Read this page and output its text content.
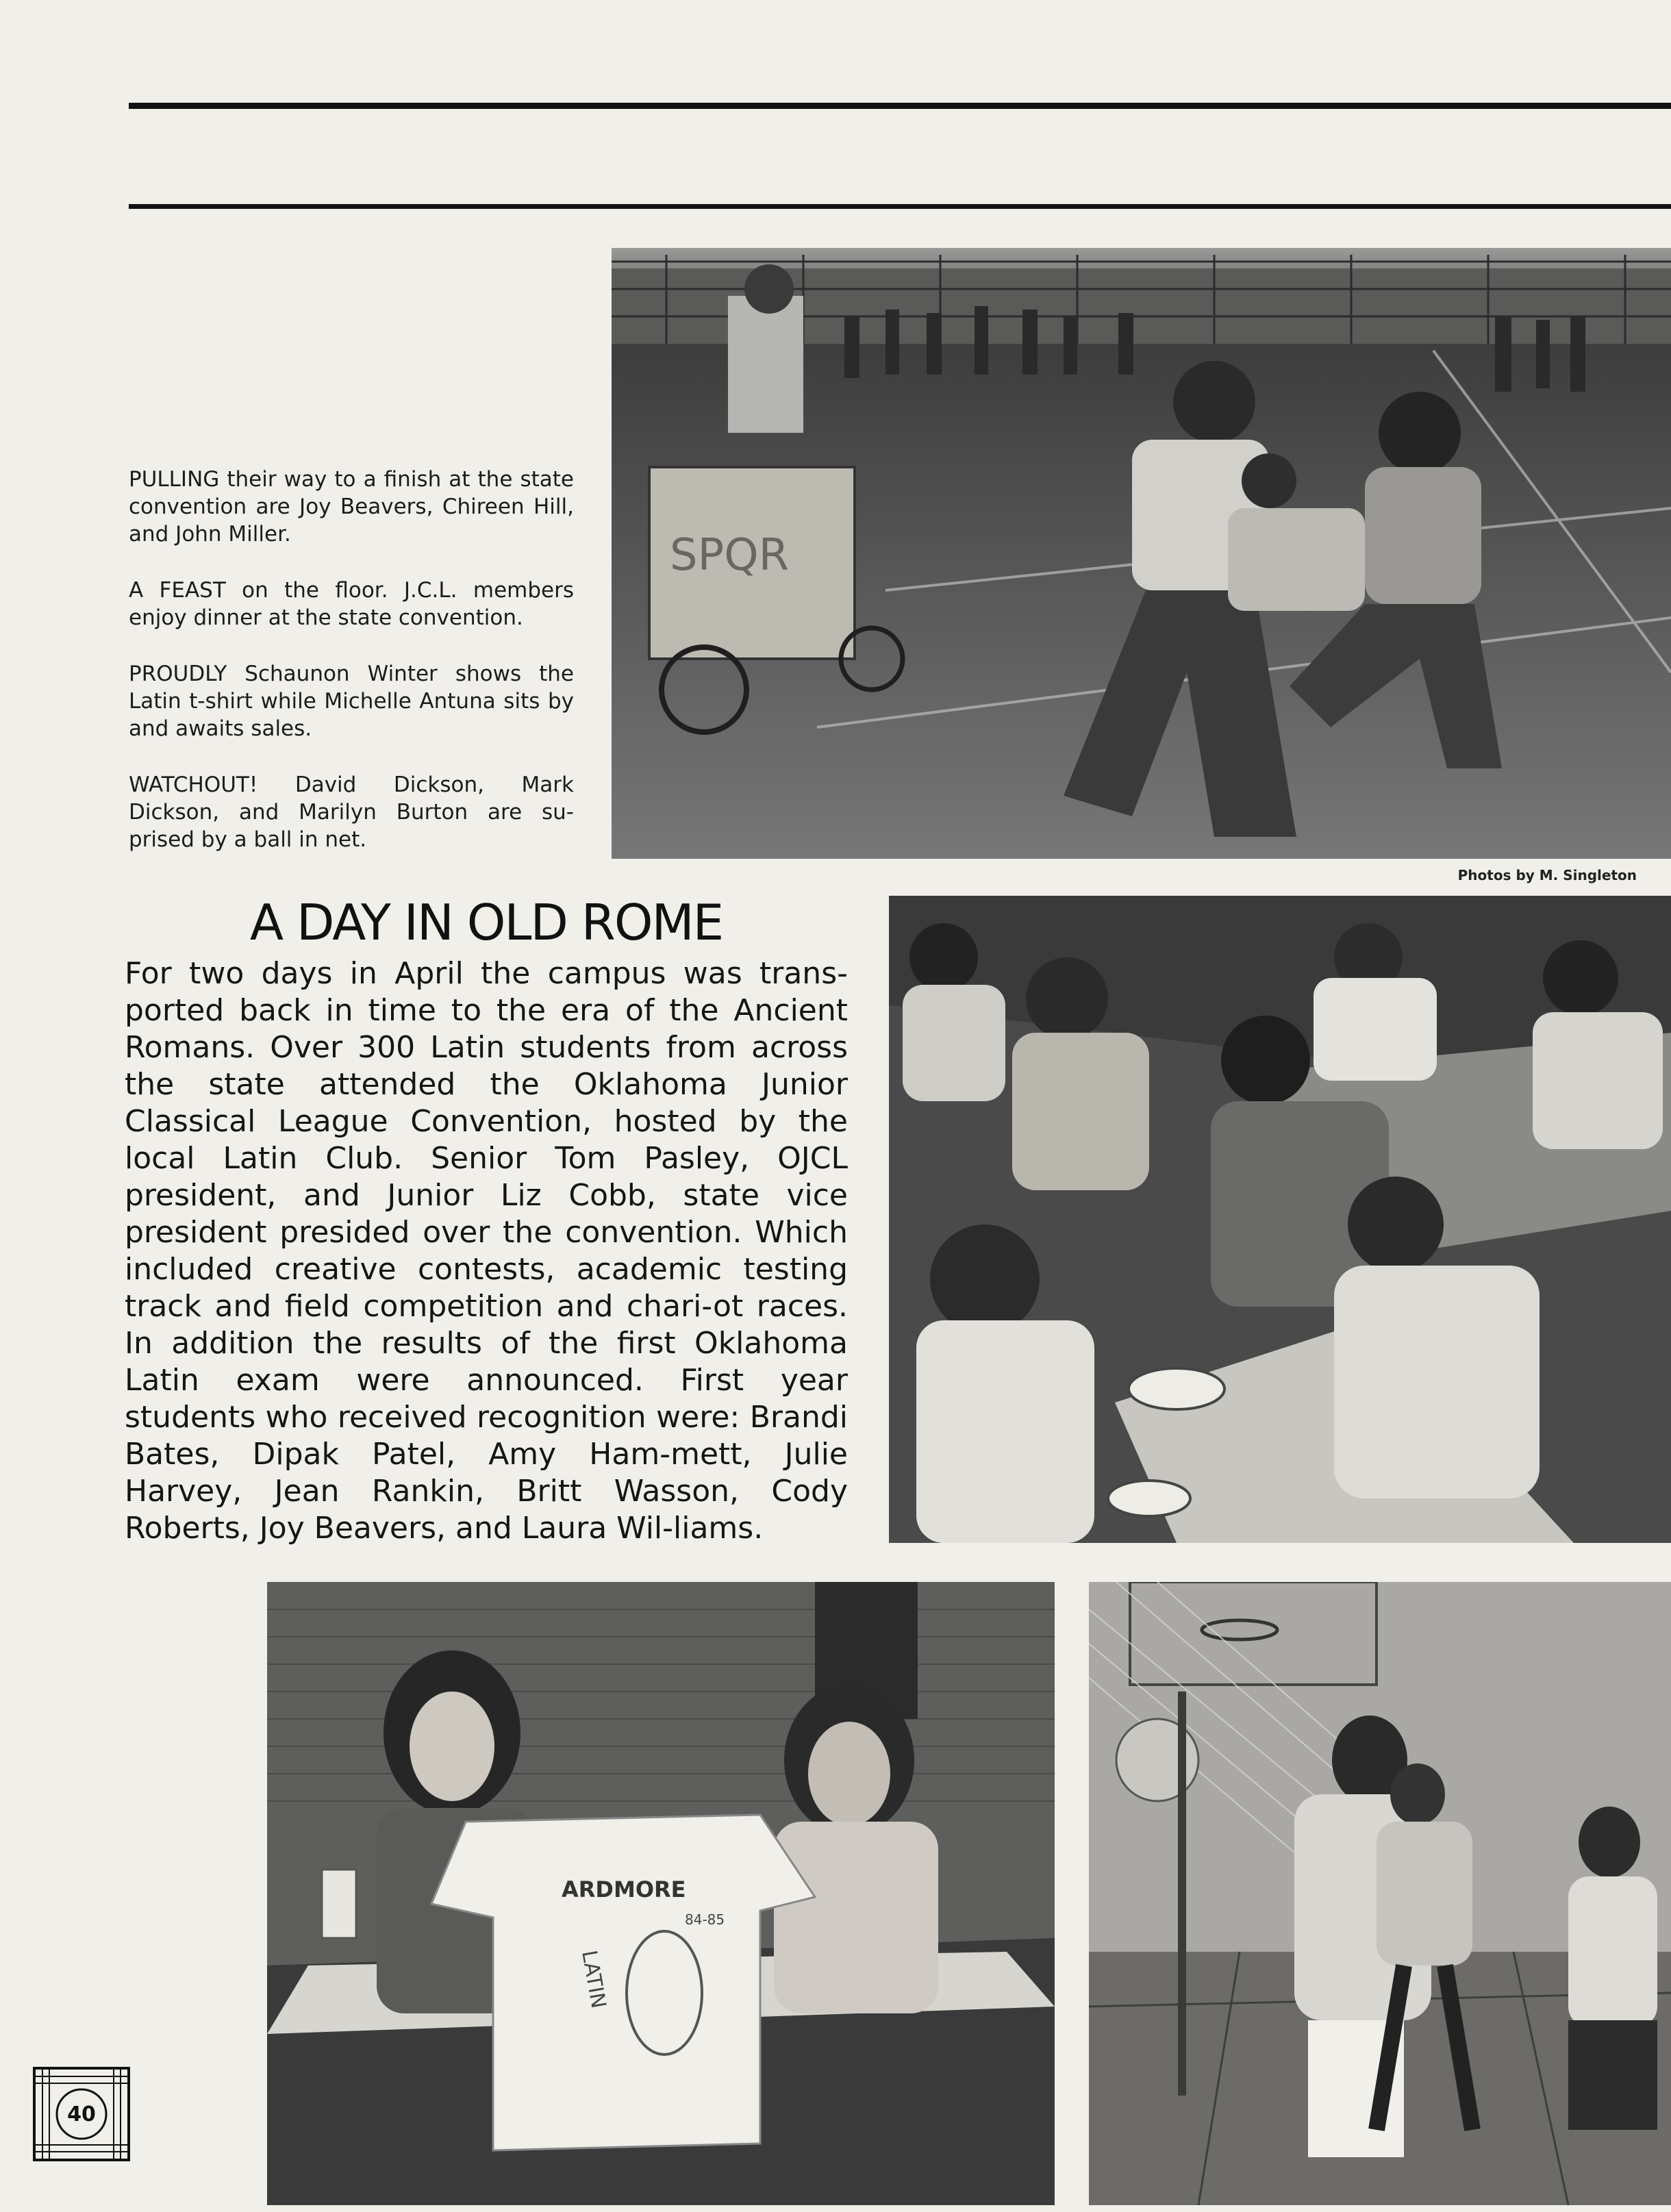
PULLING their way to a finish at the state convention are Joy Beavers, Chireen Hill, and John Miller.

A FEAST on the floor. J.C.L. members enjoy dinner at the state convention.

PROUDLY Schaunon Winter shows the Latin t-shirt while Michelle Antuna sits by and awaits sales.

WATCHOUT! David Dickson, Mark Dickson, and Marilyn Burton are su-prised by a ball in net.

SPQR
Photos by M. Singleton
A DAY IN OLD ROME

For two days in April the campus was trans-ported back in time to the era of the Ancient Romans. Over 300 Latin students from across the state attended the Oklahoma Junior Classical League Convention, hosted by the local Latin Club. Senior Tom Pasley, OJCL president, and Junior Liz Cobb, state vice president presided over the convention. Which included creative contests, academic testing track and field competition and chari-ot races. In addition the results of the first Oklahoma Latin exam were announced. First year students who received recognition were: Brandi Bates, Dipak Patel, Amy Ham-mett, Julie Harvey, Jean Rankin, Britt Wasson, Cody Roberts, Joy Beavers, and Laura Wil-liams.

ARDMORE
84-85
LATIN
40
